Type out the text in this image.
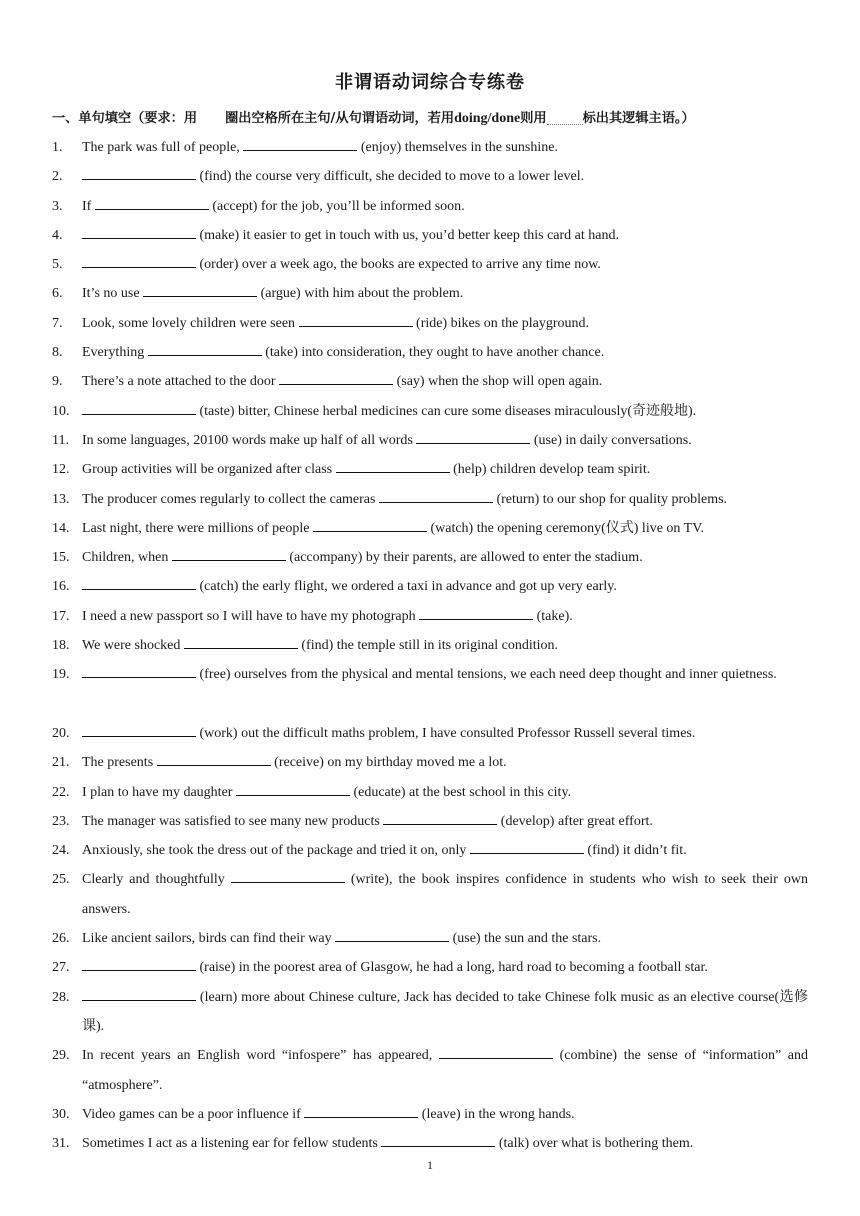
非谓语动词综合专练卷
一、单句填空（要求：用 圈出空格所在主句/从句谓语动词，若用doing/done则用	标出其逻辑主语。）
1.	The park was full of people,	(enjoy) themselves in the sunshine.
2.	(find) the course very difficult, she decided to move to a lower level.
3.	If	(accept) for the job, you’ll be informed soon.
4.	(make) it easier to get in touch with us, you’d better keep this card at hand.
5.	(order) over a week ago, the books are expected to arrive any time now.
6.	It’s no use	(argue) with him about the problem.
7.	Look, some lovely children were seen	(ride) bikes on the playground.
8.	Everything	(take) into consideration, they ought to have another chance.
9.	There’s a note attached to the door	(say) when the shop will open again.
10.	(taste) bitter, Chinese herbal medicines can cure some diseases miraculously(奇迹般地).
11. In some languages, 20100 words make up half of all words	(use) in daily conversations.
12. Group activities will be organized after class	(help) children develop team spirit.
13. The producer comes regularly to collect the cameras	(return) to our shop for quality problems.
14. Last night, there were millions of people	(watch) the opening ceremony(仪式) live on TV.
15. Children, when	(accompany) by their parents, are allowed to enter the stadium.
16.	(catch) the early flight, we ordered a taxi in advance and got up very early.
17. I need a new passport so I will have to have my photograph	(take).
18. We were shocked	(find) the temple still in its original condition.
19.	(free) ourselves from the physical and mental tensions, we each need deep thought and inner quietness.
20.	(work) out the difficult maths problem, I have consulted Professor Russell several times.
21. The presents	(receive) on my birthday moved me a lot.
22. I plan to have my daughter	(educate) at the best school in this city.
23. The manager was satisfied to see many new products	(develop) after great effort.
24. Anxiously, she took the dress out of the package and tried it on, only	(find) it didn’t fit.
25. Clearly and thoughtfully	(write), the book inspires confidence in students who wish to seek their own answers.
26. Like ancient sailors, birds can find their way	(use) the sun and the stars.
27.	(raise) in the poorest area of Glasgow, he had a long, hard road to becoming a football star.
28.	(learn) more about Chinese culture, Jack has decided to take Chinese folk music as an elective course(选修课).
29. In recent years an English word “infospere” has appeared,	(combine) the sense of “information” and “atmosphere”.
30. Video games can be a poor influence if	(leave) in the wrong hands.
31. Sometimes I act as a listening ear for fellow students	(talk) over what is bothering them.
1
